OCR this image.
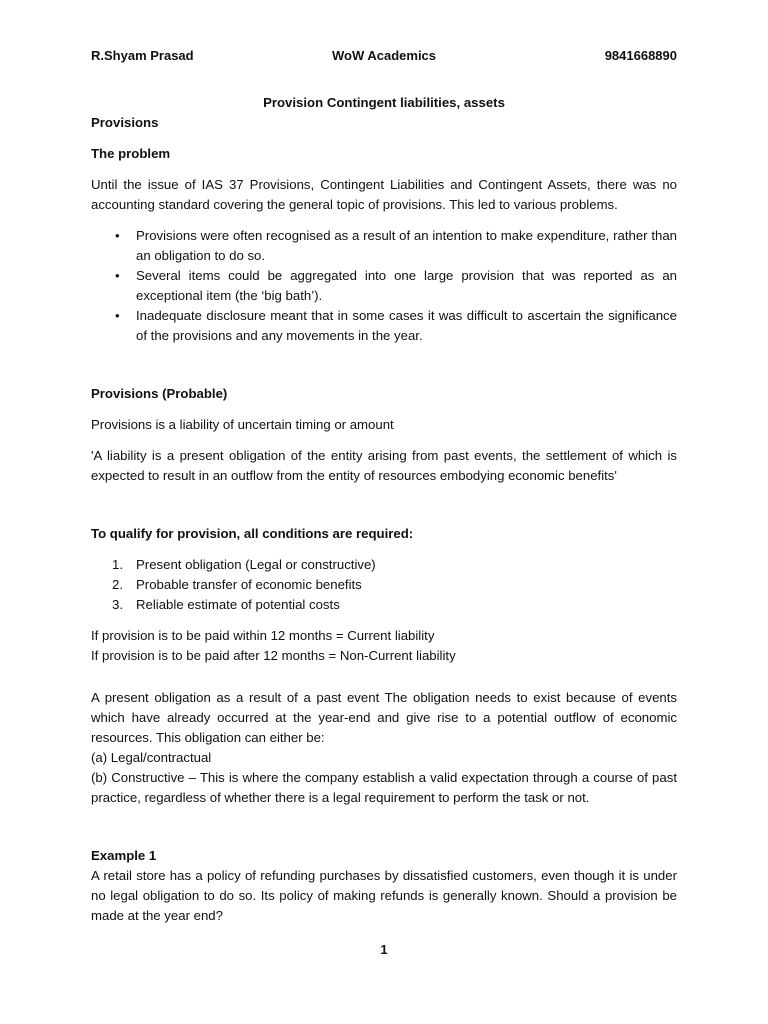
R.Shyam Prasad	WoW Academics	9841668890

Provision Contingent liabilities, assets

Provisions

The problem

Until the issue of IAS 37 Provisions, Contingent Liabilities and Contingent Assets, there was no accounting standard covering the general topic of provisions. This led to various problems.

• Provisions were often recognised as a result of an intention to make expenditure, rather than an obligation to do so.
• Several items could be aggregated into one large provision that was reported as an exceptional item (the ‘big bath’).
• Inadequate disclosure meant that in some cases it was difficult to ascertain the significance of the provisions and any movements in the year.

Provisions (Probable)

Provisions is a liability of uncertain timing or amount

'A liability is a present obligation of the entity arising from past events, the settlement of which is expected to result in an outflow from the entity of resources embodying economic benefits'

To qualify for provision, all conditions are required:

1. Present obligation (Legal or constructive)
2. Probable transfer of economic benefits
3. Reliable estimate of potential costs

If provision is to be paid within 12 months = Current liability

If provision is to be paid after 12 months = Non-Current liability

A present obligation as a result of a past event The obligation needs to exist because of events which have already occurred at the year-end and give rise to a potential outflow of economic resources. This obligation can either be:

(a) Legal/contractual

(b) Constructive – This is where the company establish a valid expectation through a course of past practice, regardless of whether there is a legal requirement to perform the task or not.

Example 1

A retail store has a policy of refunding purchases by dissatisfied customers, even though it is under no legal obligation to do so. Its policy of making refunds is generally known. Should a provision be made at the year end?

1
